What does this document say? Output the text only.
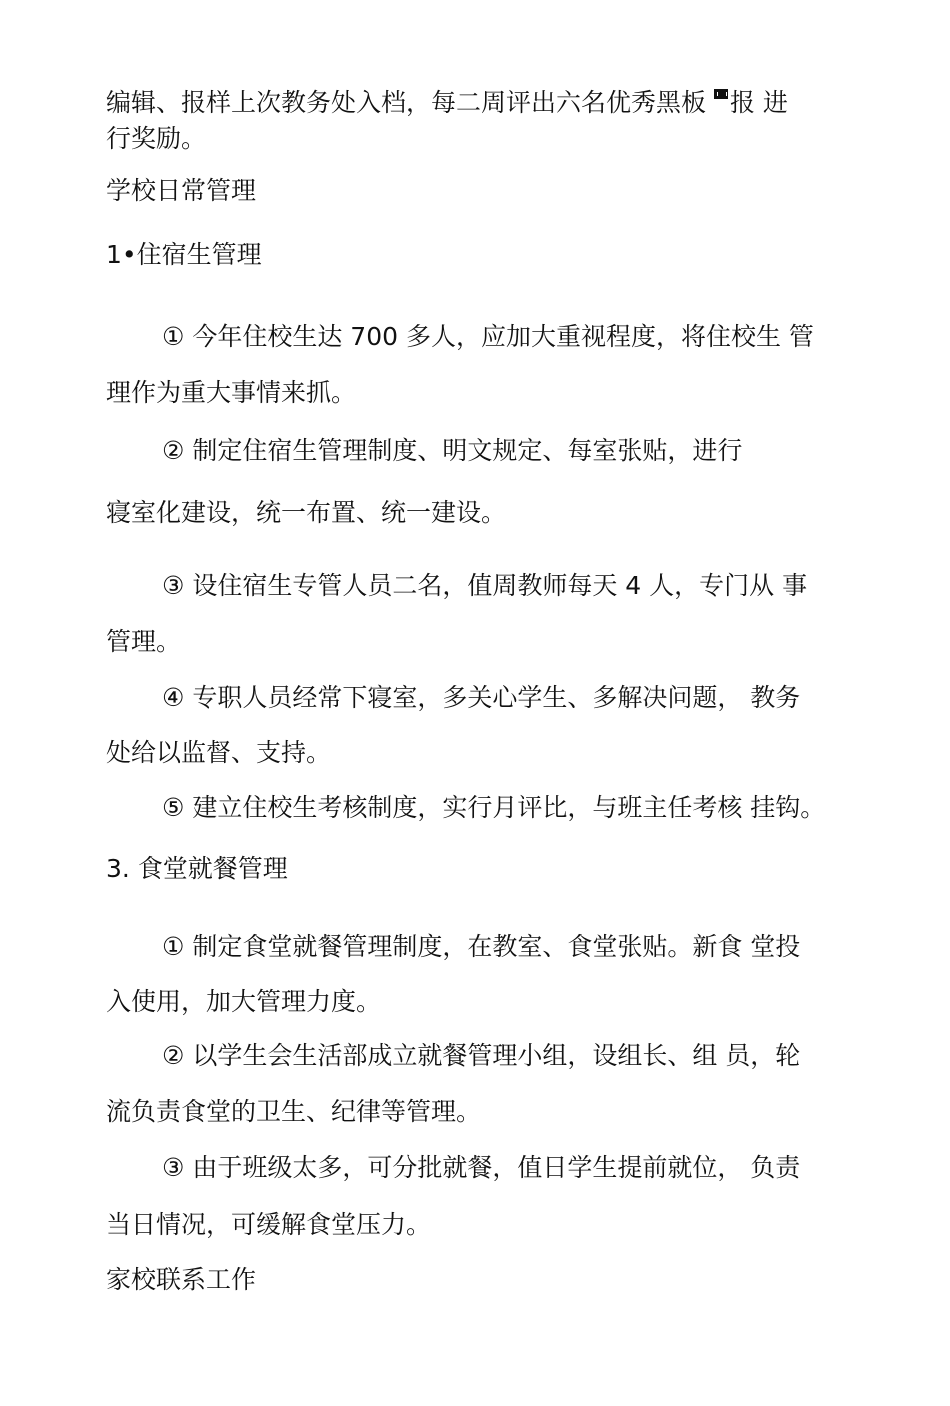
编辑、报样上次教务处入档，每二周评出六名优秀黑板 报 进
行奖励。
学校日常管理
1•住宿生管理
① 今年住校生达 700 多人，应加大重视程度，将住校生 管
理作为重大事情来抓。
② 制定住宿生管理制度、明文规定、每室张贴，进行
寝室化建设，统一布置、统一建设。
③ 设住宿生专管人员二名，值周教师每天 4 人，专门从 事
管理。
④ 专职人员经常下寝室，多关心学生、多解决问题， 教务
处给以监督、支持。
⑤ 建立住校生考核制度，实行月评比，与班主任考核 挂钩。
3. 食堂就餐管理
① 制定食堂就餐管理制度，在教室、食堂张贴。新食 堂投
入使用，加大管理力度。
② 以学生会生活部成立就餐管理小组，设组长、组 员，轮
流负责食堂的卫生、纪律等管理。
③ 由于班级太多，可分批就餐，值日学生提前就位， 负责
当日情况，可缓解食堂压力。
家校联系工作
